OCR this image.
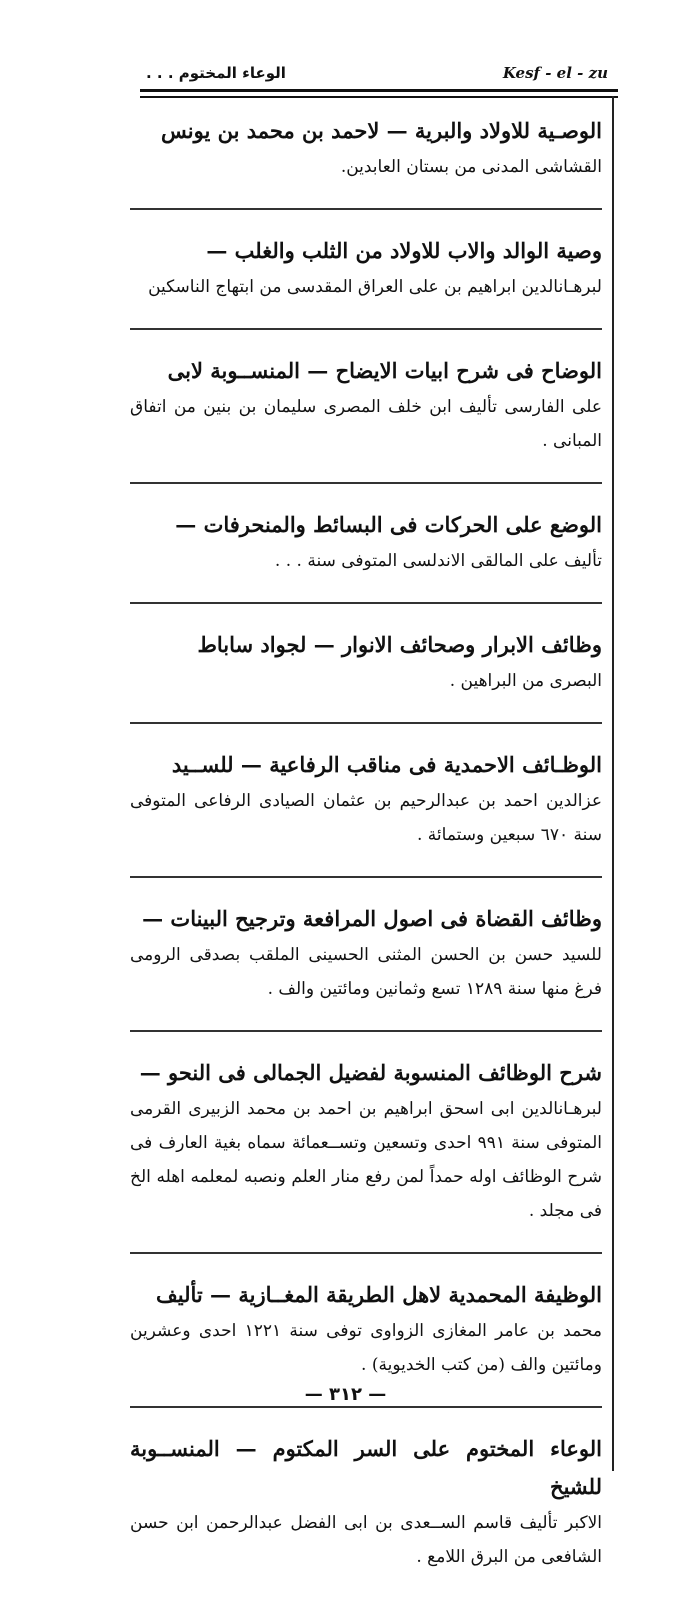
الوعاء المختوم . . .	Kesf - el - zu

الوصـية للاولاد والبرية — لاحمد بن محمد بن يونس

القشاشى المدنى من بستان العابدين.

وصية الوالد والاب للاولاد من الثلب والغلب —

لبرهـانالدين ابراهيم بن على العراق المقدسى من ابتهاج الناسكين

الوضاح فى شرح ابيات الايضاح — المنســوبة لابى

على الفارسى تأليف ابن خلف المصرى سليمان بن بنين من اتفاق المبانى .

الوضع على الحركات فى البسائط والمنحرفات —

تأليف على المالقى الاندلسى المتوفى سنة . . .

وظائف الابرار وصحائف الانوار — لجواد ساباط

البصرى من البراهين .

الوظـائف الاحمدية فى مناقب الرفاعية — للســيد

عزالدين احمد بن عبدالرحيم بن عثمان الصيادى الرفاعى المتوفى سنة ٦٧٠ سبعين وستمائة .

وظائف القضاة فى اصول المرافعة وترجيح البينات —

للسيد حسن بن الحسن المثنى الحسينى الملقب بصدقى الرومى فرغ منها سنة ١٢٨٩ تسع وثمانين ومائتين والف .

شرح الوظائف المنسوبة لفضيل الجمالى فى النحو —

لبرهـانالدين ابى اسحق ابراهيم بن احمد بن محمد الزبيرى القرمى المتوفى سنة ٩٩١ احدى وتسعين وتســعمائة سماه بغية العارف فى شرح الوظائف اوله حمداً لمن رفع منار العلم ونصبه لمعلمه اهله الخ فى مجلد .

الوظيفة المحمدية لاهل الطريقة المغــازية — تأليف

محمد بن عامر المغازى الزواوى توفى سنة ١٢٢١ احدى وعشرين ومائتين والف (من كتب الخديوية) .

الوعاء المختوم على السر المكتوم — المنســوبة للشيخ

الاكبر تأليف قاسم الســعدى بن ابى الفضل عبدالرحمن ابن حسن الشافعى من البرق اللامع .

— ٣١٢ —
